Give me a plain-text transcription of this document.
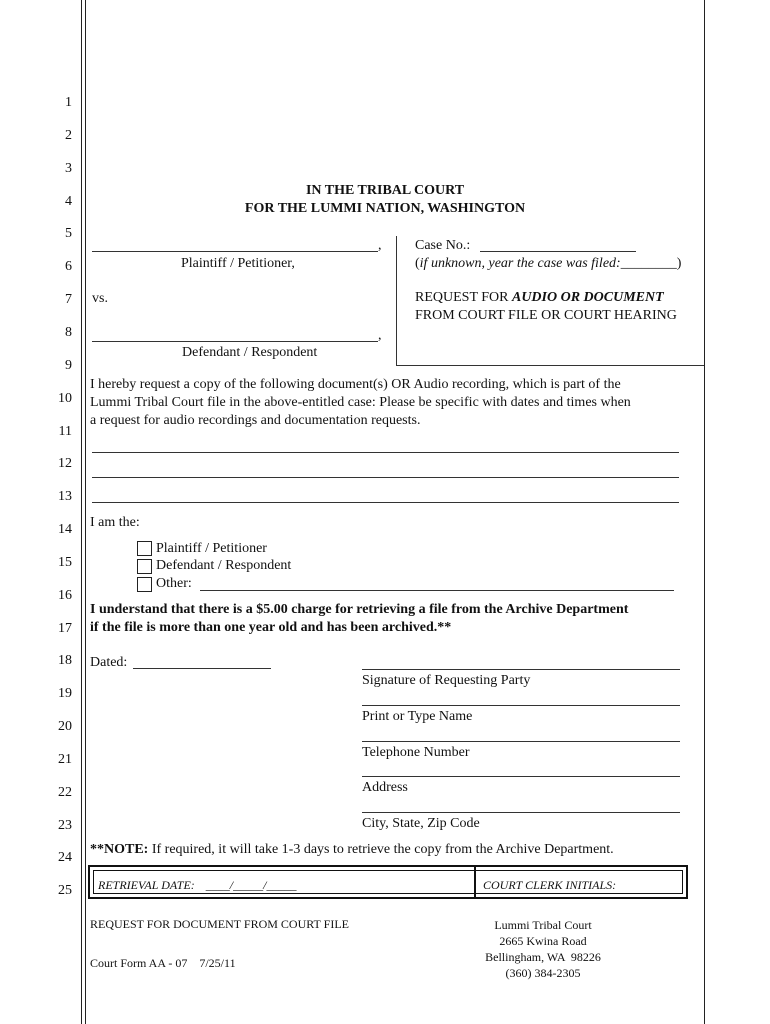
1
2
3
4
5
6
7
8
9
10
11
12
13
14
15
16
17
18
19
20
21
22
23
24
25
IN THE TRIBAL COURT
FOR THE LUMMI NATION, WASHINGTON
,
Plaintiff / Petitioner,
vs.
,
Defendant / Respondent
Case No.:
(if unknown, year the case was filed:________)
REQUEST FOR AUDIO OR DOCUMENT
FROM COURT FILE OR COURT HEARING
I hereby request a copy of the following document(s) OR Audio recording, which is part of the
Lummi Tribal Court file in the above-entitled case: Please be specific with dates and times when
a request for audio recordings and documentation requests.
I am the:
Plaintiff / Petitioner
Defendant / Respondent
Other:
I understand that there is a $5.00 charge for retrieving a file from the Archive Department
if the file is more than one year old and has been archived.**
Dated:
Signature of Requesting Party
Print or Type Name
Telephone Number
Address
City, State, Zip Code
**NOTE: If required, it will take 1-3 days to retrieve the copy from the Archive Department.
RETRIEVAL DATE: ____/_____/_____	COURT CLERK INITIALS:
REQUEST FOR DOCUMENT FROM COURT FILE
Court Form AA - 07    7/25/11
Lummi Tribal Court
2665 Kwina Road
Bellingham, WA  98226
(360) 384-2305
